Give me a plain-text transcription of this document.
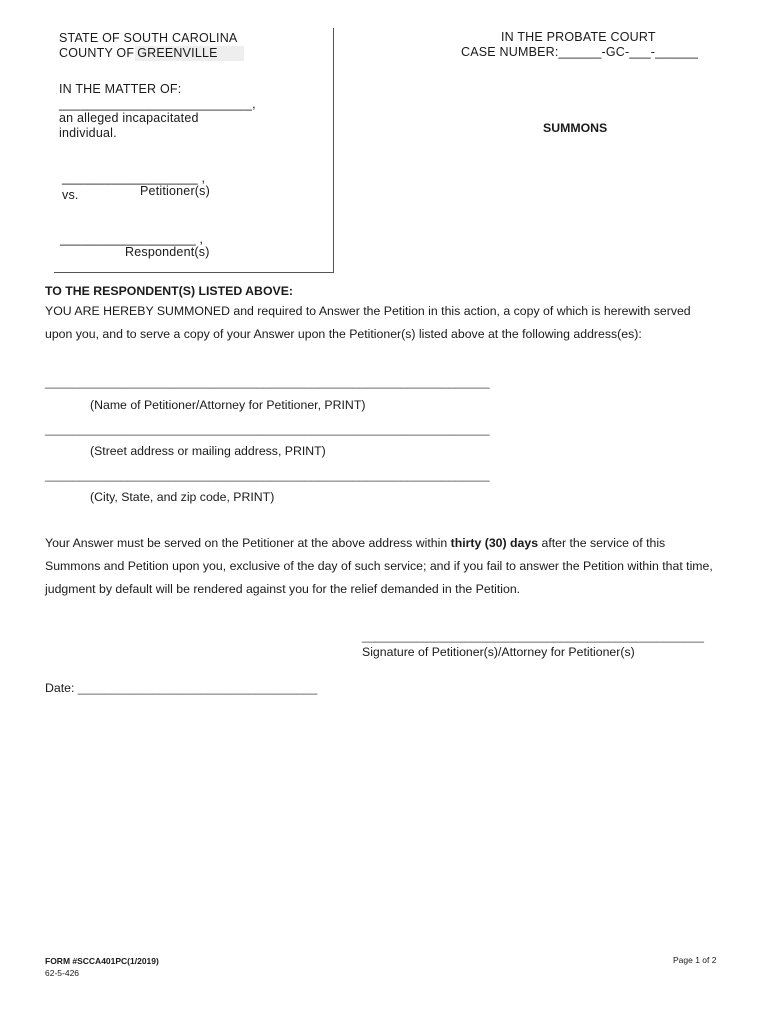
STATE OF SOUTH CAROLINA
COUNTY OF GREENVILLE
IN THE MATTER OF:
___________________________,
an alleged incapacitated
individual.
___________________ ,
vs.	Petitioner(s)
___________________ ,
Respondent(s)
IN THE PROBATE COURT
CASE NUMBER:______-GC-___-______
SUMMONS
TO THE RESPONDENT(S) LISTED ABOVE:
YOU ARE HEREBY SUMMONED and required to Answer the Petition in this action, a copy of which is herewith served
upon you, and to serve a copy of your Answer upon the Petitioner(s) listed above at the following address(es):
_________________________________________________________________
(Name of Petitioner/Attorney for Petitioner, PRINT)
_________________________________________________________________
(Street address or mailing address, PRINT)
_________________________________________________________________
(City, State, and zip code, PRINT)
Your Answer must be served on the Petitioner at the above address within thirty (30) days after the service of this
Summons and Petition upon you, exclusive of the day of such service; and if you fail to answer the Petition within that time,
judgment by default will be rendered against you for the relief demanded in the Petition.
__________________________________________________
Signature of Petitioner(s)/Attorney for Petitioner(s)
Date: ___________________________________
FORM #SCCA401PC(1/2019)
62-5-426
Page 1 of 2
